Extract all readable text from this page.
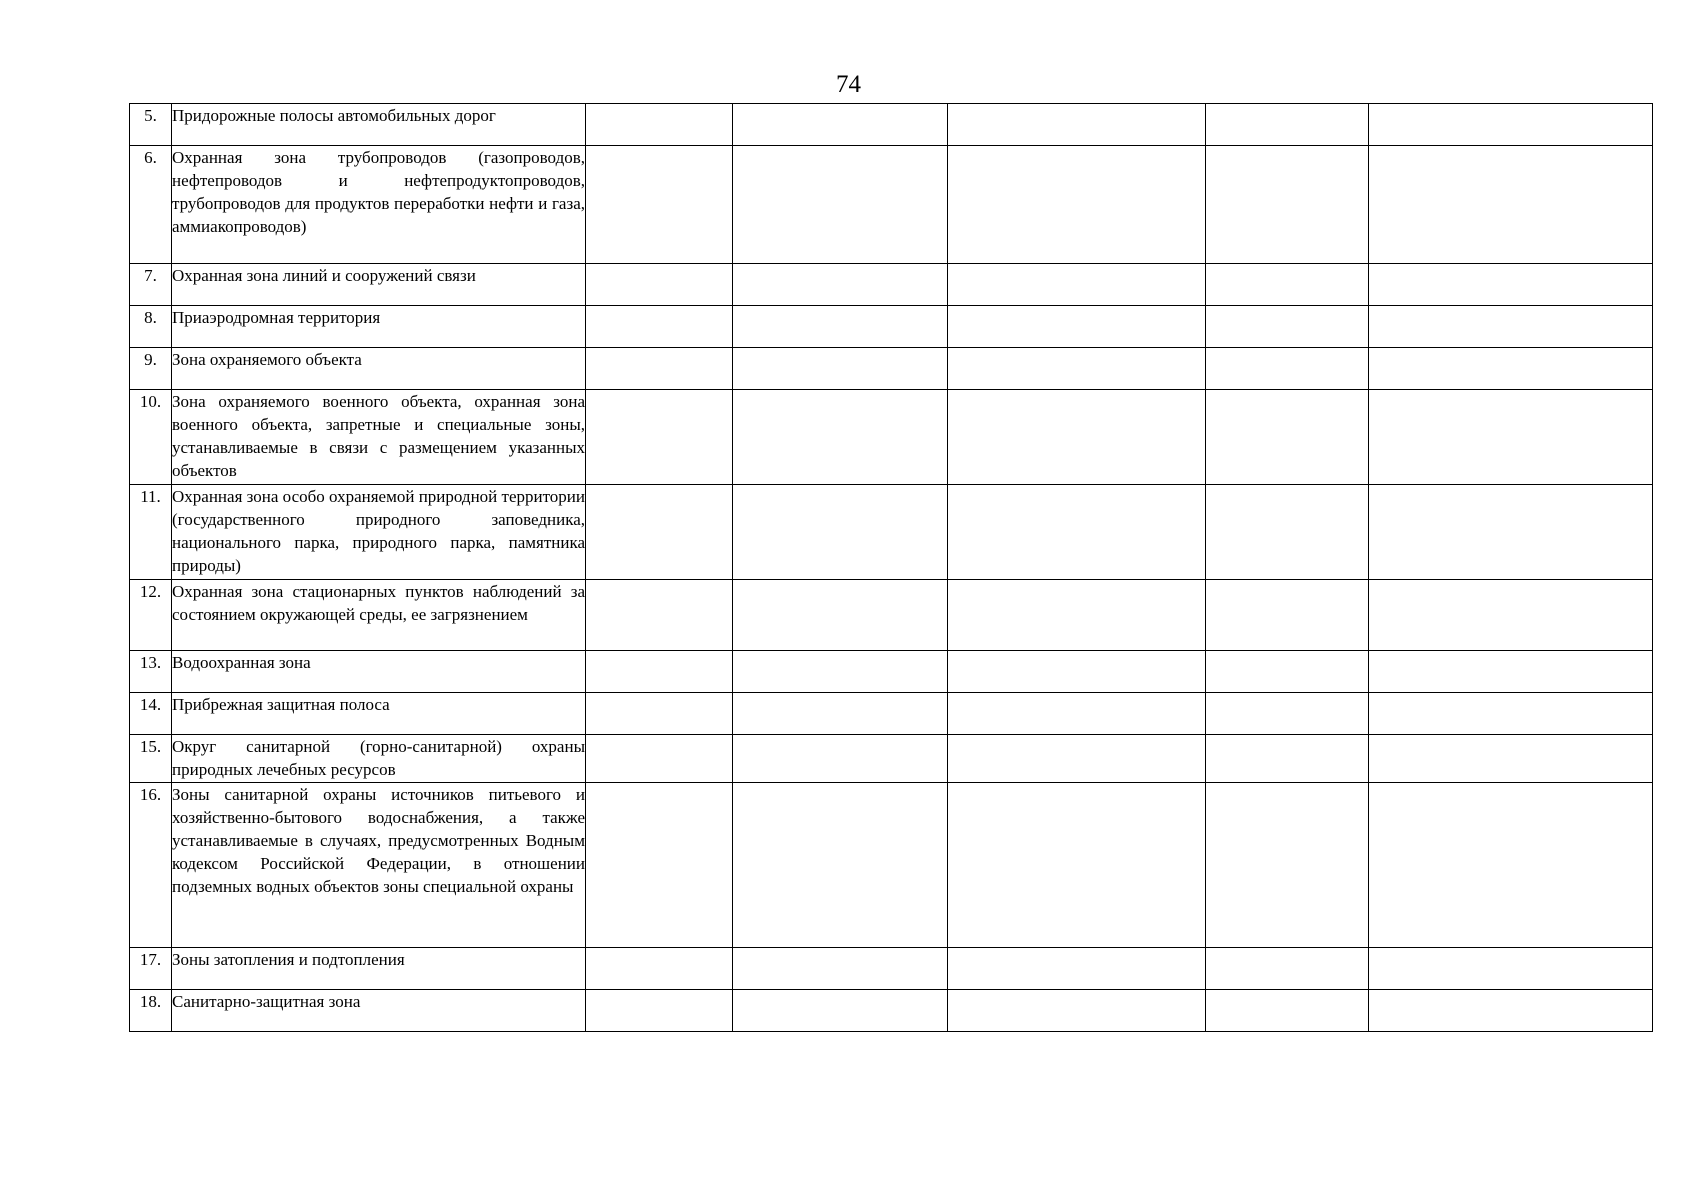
74
5.	Придорожные полосы автомобильных дорог					
6.	Охранная зона трубопроводов (газопроводов, нефтепроводов и нефтепродуктопроводов, трубопроводов для продуктов переработки нефти и газа, аммиакопроводов)					
7.	Охранная зона линий и сооружений связи					
8.	Приаэродромная территория					
9.	Зона охраняемого объекта					
10.	Зона охраняемого военного объекта, охранная зона военного объекта, запретные и специальные зоны, устанавливаемые в связи с размещением указанных объектов					
11.	Охранная зона особо охраняемой природной территории (государственного природного заповедника, национального парка, природного парка, памятника природы)					
12.	Охранная зона стационарных пунктов наблюдений за состоянием окружающей среды, ее загрязнением					
13.	Водоохранная зона					
14.	Прибрежная защитная полоса					
15.	Округ санитарной (горно-санитарной) охраны природных лечебных ресурсов					
16.	Зоны санитарной охраны источников питьевого и хозяйственно-бытового водоснабжения, а также устанавливаемые в случаях, предусмотренных Водным кодексом Российской Федерации, в отношении подземных водных объектов зоны специальной охраны					
17.	Зоны затопления и подтопления					
18.	Санитарно-защитная зона					
